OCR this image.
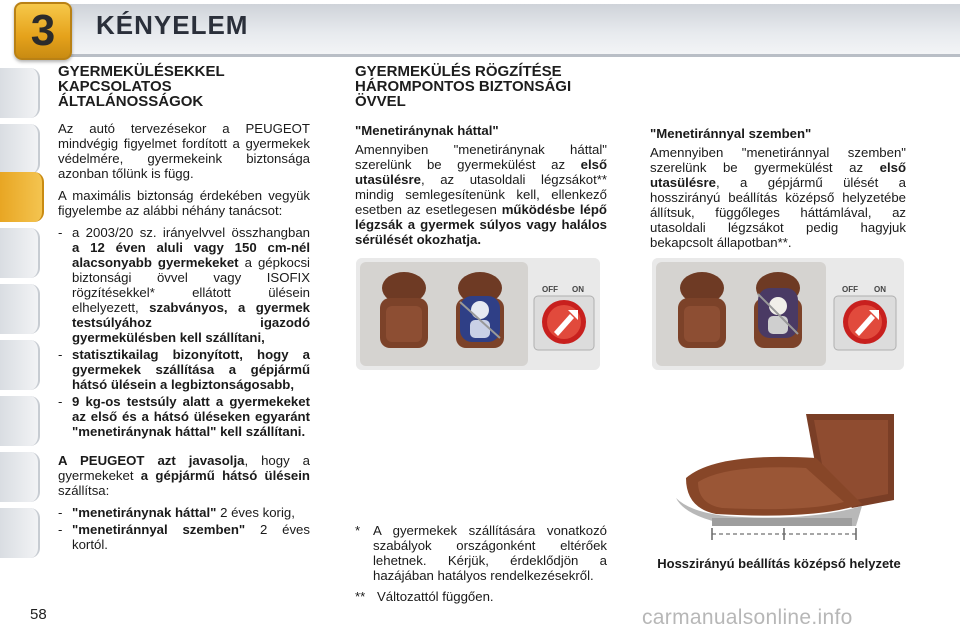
3	KÉNYELEM
GYERMEKÜLÉSEKKEL KAPCSOLATOS ÁLTALÁNOSSÁGOK

Az autó tervezésekor a PEUGEOT mindvégig figyelmet fordított a gyermekek védelmére, gyermekeink biztonsága azonban tőlünk is függ.

A maximális biztonság érdekében vegyük figyelembe az alábbi néhány tanácsot:

- a 2003/20 sz. irányelvvel összhangban a 12 éven aluli vagy 150 cm-nél alacsonyabb gyermekeket a gépkocsi biztonsági övvel vagy ISOFIX rögzítésekkel* ellátott ülésein elhelyezett, szabványos, a gyermek testsúlyához igazodó gyermekülésben kell szállítani,
- statisztikailag bizonyított, hogy a gyermekek szállítása a gépjármű hátsó ülésein a legbiztonságosabb,
- 9 kg-os testsúly alatt a gyermekeket az első és a hátsó üléseken egyaránt "menetiránynak háttal" kell szállítani.

A PEUGEOT azt javasolja, hogy a gyermekeket a gépjármű hátsó ülésein szállítsa:

- "menetiránynak háttal" 2 éves korig,
- "menetiránnyal szemben" 2 éves kortól.
GYERMEKÜLÉS RÖGZÍTÉSE HÁROMPONTOS BIZTONSÁGI ÖVVEL
"Menetiránynak háttal"

Amennyiben "menetiránynak háttal" szerelünk be gyermekülést az első utasülésre, az utasoldali légzsákot** mindig semlegesítenünk kell, ellenkező esetben az esetlegesen működésbe lépő légzsák a gyermek súlyos vagy halálos sérülését okozhatja.

"Menetiránnyal szemben"

Amennyiben "menetiránnyal szemben" szerelünk be gyermekülést az első utasülésre, a gépjármű ülését a hosszirányú beállítás középső helyzetébe állítsuk, függőleges háttámlával, az utasoldali légzsákot pedig hagyjuk bekapcsolt állapotban**.

OFF ON	OFF ON
Hosszirányú beállítás középső helyzete
* A gyermekek szállítására vonatkozó szabályok országonként eltérőek lehetnek. Kérjük, érdeklődjön a hazájában hatályos rendelkezésekről.
** Változattól függően.
58	carmanualsonline.info
